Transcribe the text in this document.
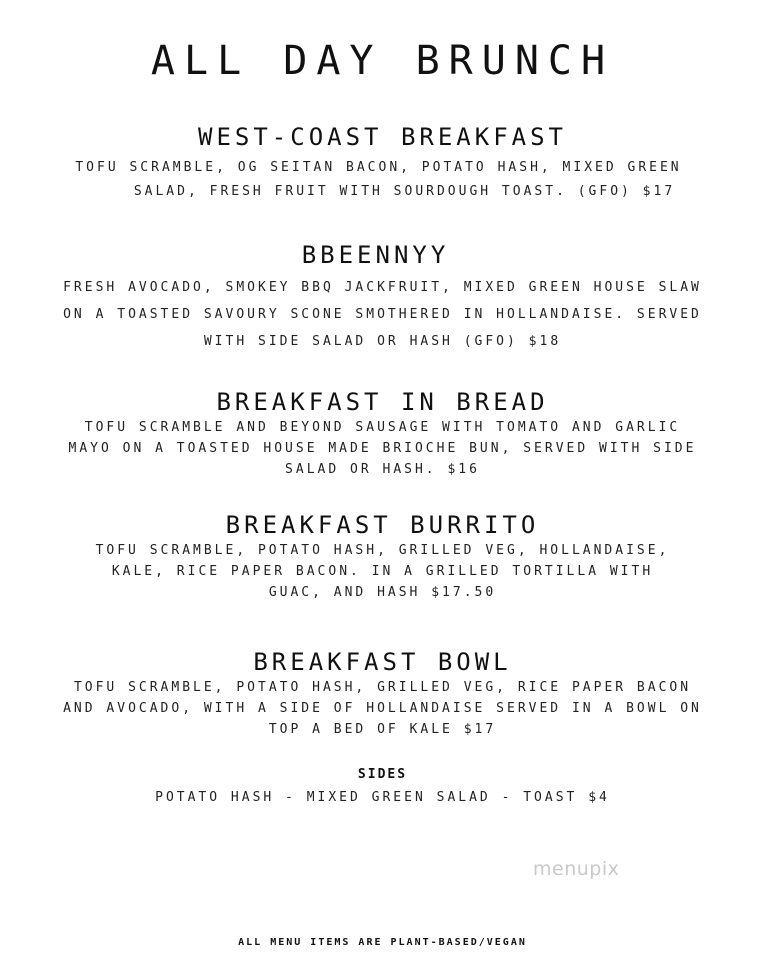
ALL DAY BRUNCH
WEST-COAST BREAKFAST

TOFU SCRAMBLE, OG SEITAN BACON, POTATO HASH, MIXED GREEN
SALAD, FRESH FRUIT WITH SOURDOUGH TOAST. (GFO) $17

BBEENNYY

FRESH AVOCADO, SMOKEY BBQ JACKFRUIT, MIXED GREEN HOUSE SLAW
ON A TOASTED SAVOURY SCONE SMOTHERED IN HOLLANDAISE. SERVED
WITH SIDE SALAD OR HASH (GFO) $18

BREAKFAST IN BREAD

TOFU SCRAMBLE AND BEYOND SAUSAGE WITH TOMATO AND GARLIC
MAYO ON A TOASTED HOUSE MADE BRIOCHE BUN, SERVED WITH SIDE
SALAD OR HASH. $16

BREAKFAST BURRITO

TOFU SCRAMBLE, POTATO HASH, GRILLED VEG, HOLLANDAISE,
KALE, RICE PAPER BACON. IN A GRILLED TORTILLA WITH
GUAC, AND HASH $17.50

BREAKFAST BOWL

TOFU SCRAMBLE, POTATO HASH, GRILLED VEG, RICE PAPER BACON
AND AVOCADO, WITH A SIDE OF HOLLANDAISE SERVED IN A BOWL ON
TOP A BED OF KALE $17

SIDES

POTATO HASH - MIXED GREEN SALAD - TOAST $4

menupix
ALL MENU ITEMS ARE PLANT-BASED/VEGAN
